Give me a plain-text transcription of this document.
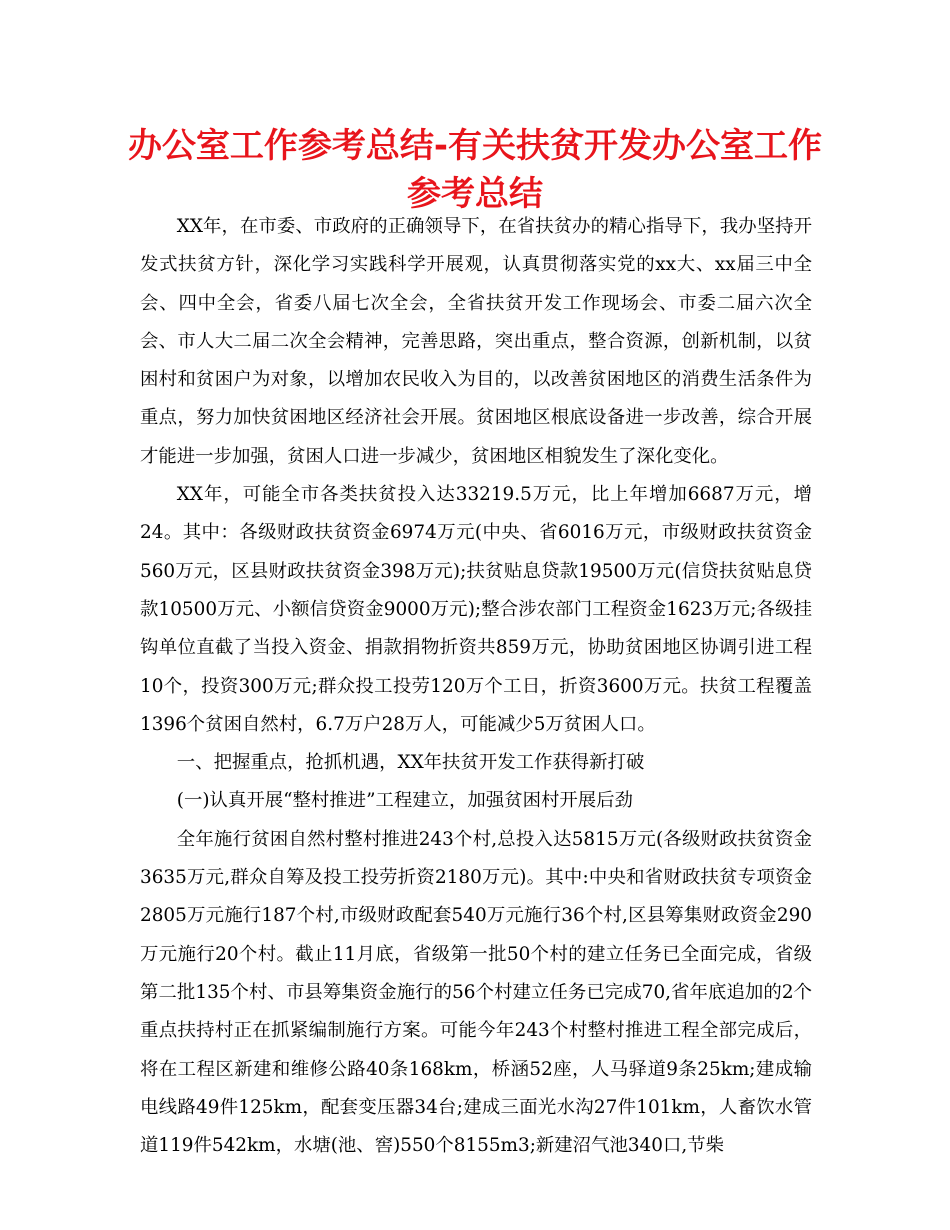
办公室工作参考总结-有关扶贫开发办公室工作参考总结

XX年，在市委、市政府的正确领导下，在省扶贫办的精心指导下，我办坚持开发式扶贫方针，深化学习实践科学开展观，认真贯彻落实党的xx大、xx届三中全会、四中全会，省委八届七次全会，全省扶贫开发工作现场会、市委二届六次全会、市人大二届二次全会精神，完善思路，突出重点，整合资源，创新机制，以贫困村和贫困户为对象，以增加农民收入为目的，以改善贫困地区的消费生活条件为重点，努力加快贫困地区经济社会开展。贫困地区根底设备进一步改善，综合开展才能进一步加强，贫困人口进一步减少，贫困地区相貌发生了深化变化。

XX年，可能全市各类扶贫投入达33219.5万元，比上年增加6687万元，增24。其中：各级财政扶贫资金6974万元(中央、省6016万元，市级财政扶贫资金560万元，区县财政扶贫资金398万元);扶贫贴息贷款19500万元(信贷扶贫贴息贷款10500万元、小额信贷资金9000万元);整合涉农部门工程资金1623万元;各级挂钩单位直截了当投入资金、捐款捐物折资共859万元，协助贫困地区协调引进工程10个，投资300万元;群众投工投劳120万个工日，折资3600万元。扶贫工程覆盖1396个贫困自然村，6.7万户28万人，可能减少5万贫困人口。

一、把握重点，抢抓机遇，XX年扶贫开发工作获得新打破

(一)认真开展“整村推进”工程建立，加强贫困村开展后劲

全年施行贫困自然村整村推进243个村,总投入达5815万元(各级财政扶贫资金3635万元,群众自筹及投工投劳折资2180万元)。其中:中央和省财政扶贫专项资金2805万元施行187个村,市级财政配套540万元施行36个村,区县筹集财政资金290万元施行20个村。截止11月底，省级第一批50个村的建立任务已全面完成，省级第二批135个村、市县筹集资金施行的56个村建立任务已完成70,省年底追加的2个重点扶持村正在抓紧编制施行方案。可能今年243个村整村推进工程全部完成后，将在工程区新建和维修公路40条168km，桥涵52座，人马驿道9条25km;建成输电线路49件125km，配套变压器34台;建成三面光水沟27件101km，人畜饮水管道119件542km，水塘(池、窖)550个8155m3;新建沼气池340口,节柴
